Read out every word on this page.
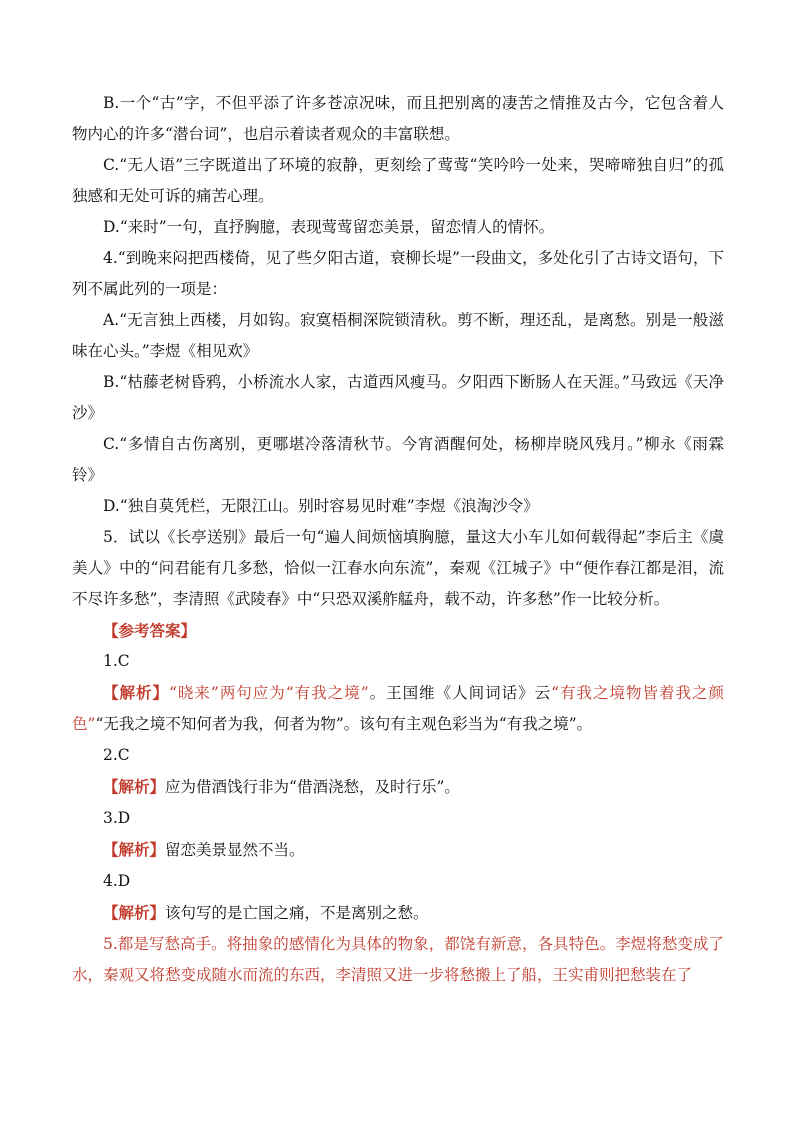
B.一个“古”字，不但平添了许多苍凉况味，而且把别离的凄苦之情推及古今，它包含着人物内心的许多“潜台词”，也启示着读者观众的丰富联想。

C.“无人语”三字既道出了环境的寂静，更刻绘了莺莺“笑吟吟一处来，哭啼啼独自归”的孤独感和无处可诉的痛苦心理。

D.“来时”一句，直抒胸臆，表现莺莺留恋美景，留恋情人的情怀。

4.“到晚来闷把西楼倚，见了些夕阳古道，衰柳长堤”一段曲文，多处化引了古诗文语句，下列不属此列的一项是：

A.“无言独上西楼，月如钩。寂寞梧桐深院锁清秋。剪不断，理还乱，是离愁。别是一般滋味在心头。”李煜《相见欢》

B.“枯藤老树昏鸦，小桥流水人家，古道西风瘦马。夕阳西下断肠人在天涯。”马致远《天净沙》

C.“多情自古伤离别，更哪堪冷落清秋节。今宵酒醒何处，杨柳岸晓风残月。”柳永《雨霖铃》

D.“独自莫凭栏，无限江山。别时容易见时难”李煜《浪淘沙令》

5．试以《长亭送别》最后一句“遍人间烦恼填胸臆，量这大小车儿如何载得起”李后主《虞美人》中的“问君能有几多愁，恰似一江春水向东流”，秦观《江城子》中“便作春江都是泪，流不尽许多愁”，李清照《武陵春》中“只恐双溪舴艋舟，载不动，许多愁”作一比较分析。

【参考答案】

1.C

【解析】“晓来”两句应为“有我之境”。王国维《人间词话》云“有我之境物皆着我之颜色”“无我之境不知何者为我，何者为物”。该句有主观色彩当为“有我之境”。

2.C

【解析】应为借酒饯行非为“借酒浇愁，及时行乐”。

3.D

【解析】留恋美景显然不当。

4.D

【解析】该句写的是亡国之痛，不是离别之愁。

5.都是写愁高手。将抽象的感情化为具体的物象，都饶有新意，各具特色。李煜将愁变成了水，秦观又将愁变成随水而流的东西，李清照又进一步将愁搬上了船，王实甫则把愁装在了
